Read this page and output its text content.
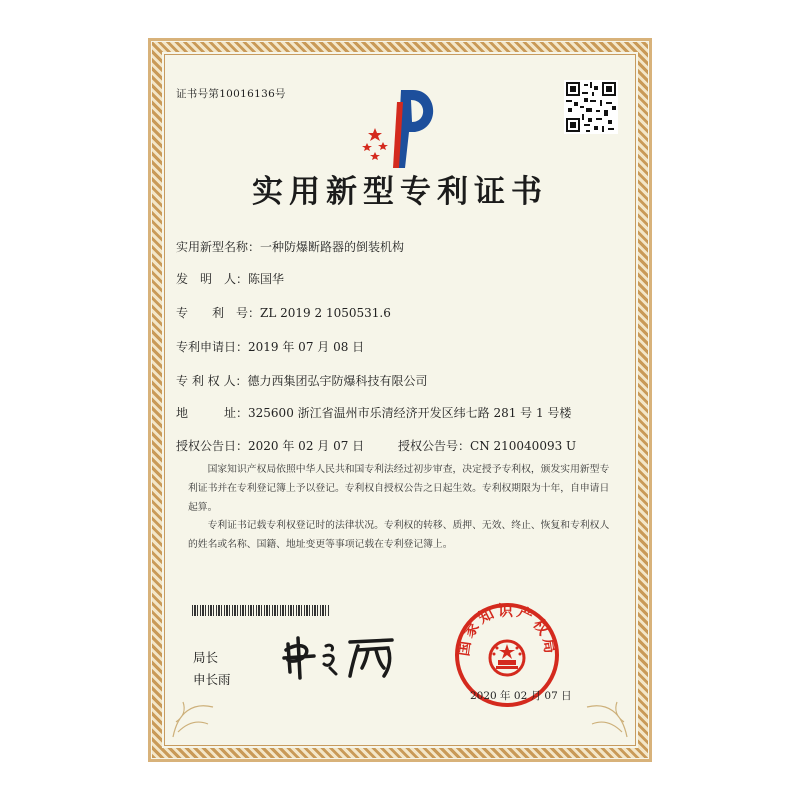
证书号第10016136号
实用新型专利证书
实用新型名称：一种防爆断路器的倒装机构
发　明　人：陈国华
专　　利　号：ZL 2019 2 1050531.6
专利申请日：2019 年 07 月 08 日
专 利 权 人：德力西集团弘宇防爆科技有限公司
地　　　址：325600 浙江省温州市乐清经济开发区纬七路 281 号 1 号楼
授权公告日：2020 年 02 月 07 日	授权公告号：CN 210040093 U
国家知识产权局依照中华人民共和国专利法经过初步审查，决定授予专利权，颁发实用新型专利证书并在专利登记簿上予以登记。专利权自授权公告之日起生效。专利权期限为十年，自申请日起算。
专利证书记载专利权登记时的法律状况。专利权的转移、质押、无效、终止、恢复和专利权人的姓名或名称、国籍、地址变更等事项记载在专利登记簿上。
局长
申长雨
国家知识产权局
2020 年 02 月 07 日
